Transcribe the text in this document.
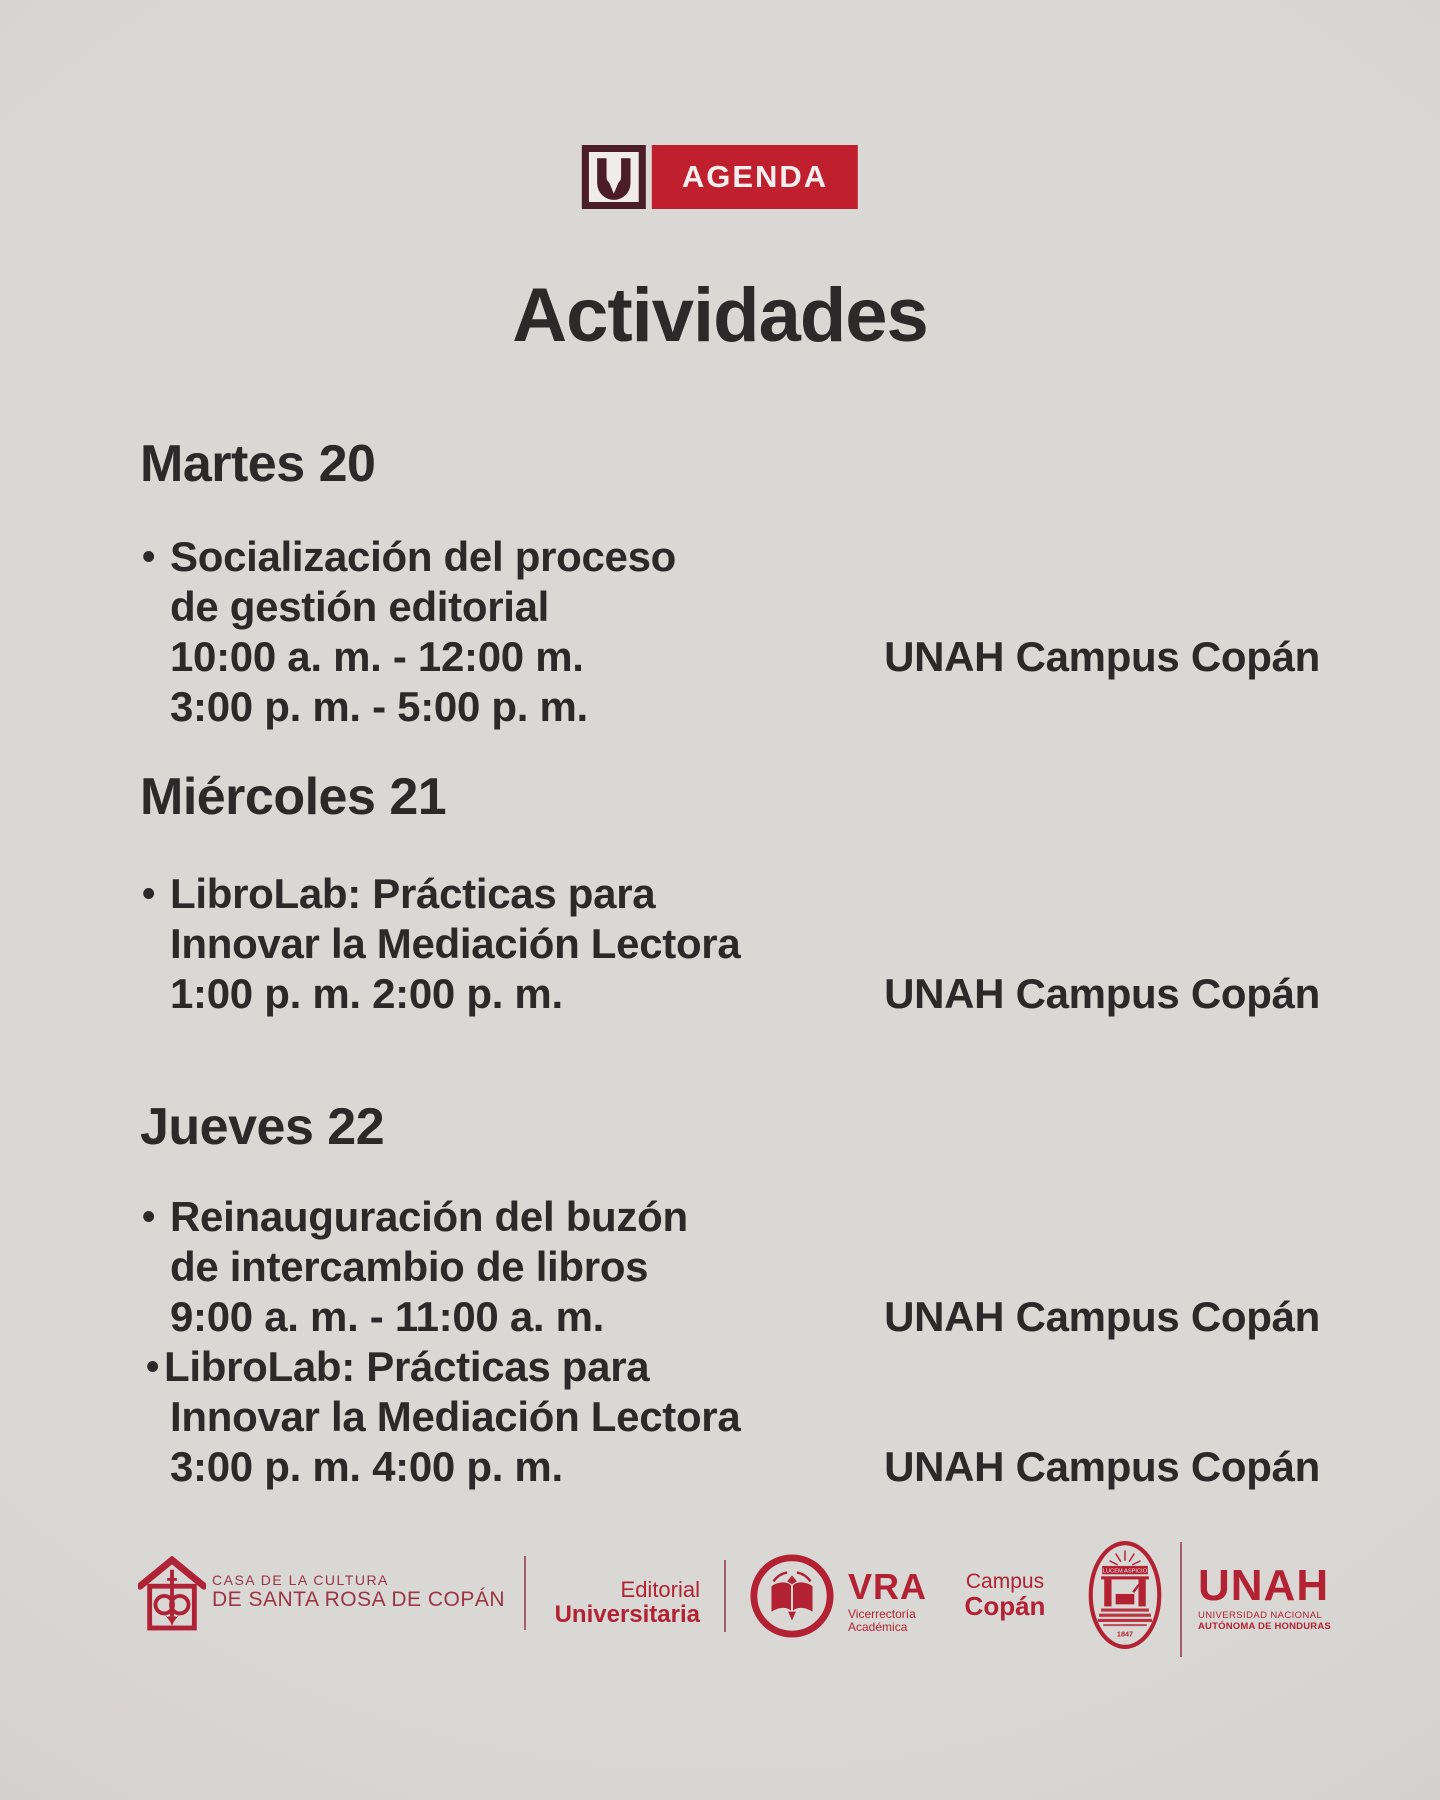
AGENDA
Actividades
Martes 20
• Socialización del proceso
de gestión editorial
10:00 a. m. - 12:00 m.	UNAH Campus Copán
3:00 p. m. - 5:00 p. m.
Miércoles 21
• LibroLab: Prácticas para
Innovar la Mediación Lectora
1:00 p. m. 2:00 p. m.	UNAH Campus Copán
Jueves 22
• Reinauguración del buzón
de intercambio de libros
9:00 a. m. - 11:00 a. m.	UNAH Campus Copán
• LibroLab: Prácticas para
Innovar la Mediación Lectora
3:00 p. m. 4:00 p. m.	UNAH Campus Copán
CASA DE LA CULTURA
DE SANTA ROSA DE COPÁN	Editorial
Universitaria
VRA
Vicerrectoría
Académica
Campus
Copán
LUCEM ASPICIO
1847
UNAH
UNIVERSIDAD NACIONAL
AUTÓNOMA DE HONDURAS
